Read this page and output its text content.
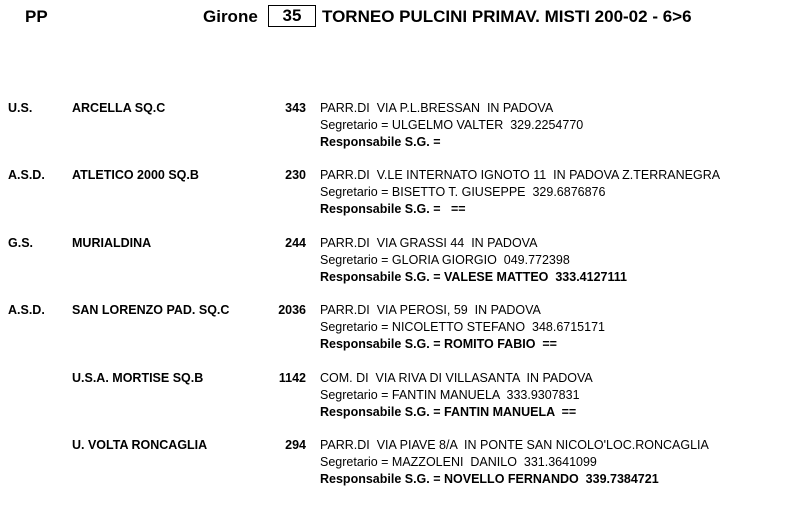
PP	Girone	35	TORNEO PULCINI PRIMAV. MISTI 200-02 - 6>6
U.S.	ARCELLA SQ.C	343 PARR.DI  VIA P.L.BRESSAN  IN PADOVA
Segretario = ULGELMO VALTER  329.2254770
Responsabile S.G. =
A.S.D. ATLETICO 2000 SQ.B	230 PARR.DI  V.LE INTERNATO IGNOTO 11  IN PADOVA Z.TERRANEGRA
Segretario = BISETTO T. GIUSEPPE  329.6876876
Responsabile S.G. =   ==
G.S.	MURIALDINA	244 PARR.DI  VIA GRASSI 44  IN PADOVA
Segretario = GLORIA GIORGIO  049.772398
Responsabile S.G. = VALESE MATTEO  333.4127111
A.S.D. SAN LORENZO PAD. SQ.C	2036 PARR.DI  VIA PEROSI, 59  IN PADOVA
Segretario = NICOLETTO STEFANO  348.6715171
Responsabile S.G. = ROMITO FABIO  ==
U.S.A. MORTISE SQ.B	1142 COM. DI  VIA RIVA DI VILLASANTA  IN PADOVA
Segretario = FANTIN MANUELA  333.9307831
Responsabile S.G. = FANTIN MANUELA  ==
U. VOLTA RONCAGLIA	294 PARR.DI  VIA PIAVE 8/A  IN PONTE SAN NICOLO'LOC.RONCAGLIA
Segretario = MAZZOLENI  DANILO  331.3641099
Responsabile S.G. = NOVELLO FERNANDO  339.7384721
